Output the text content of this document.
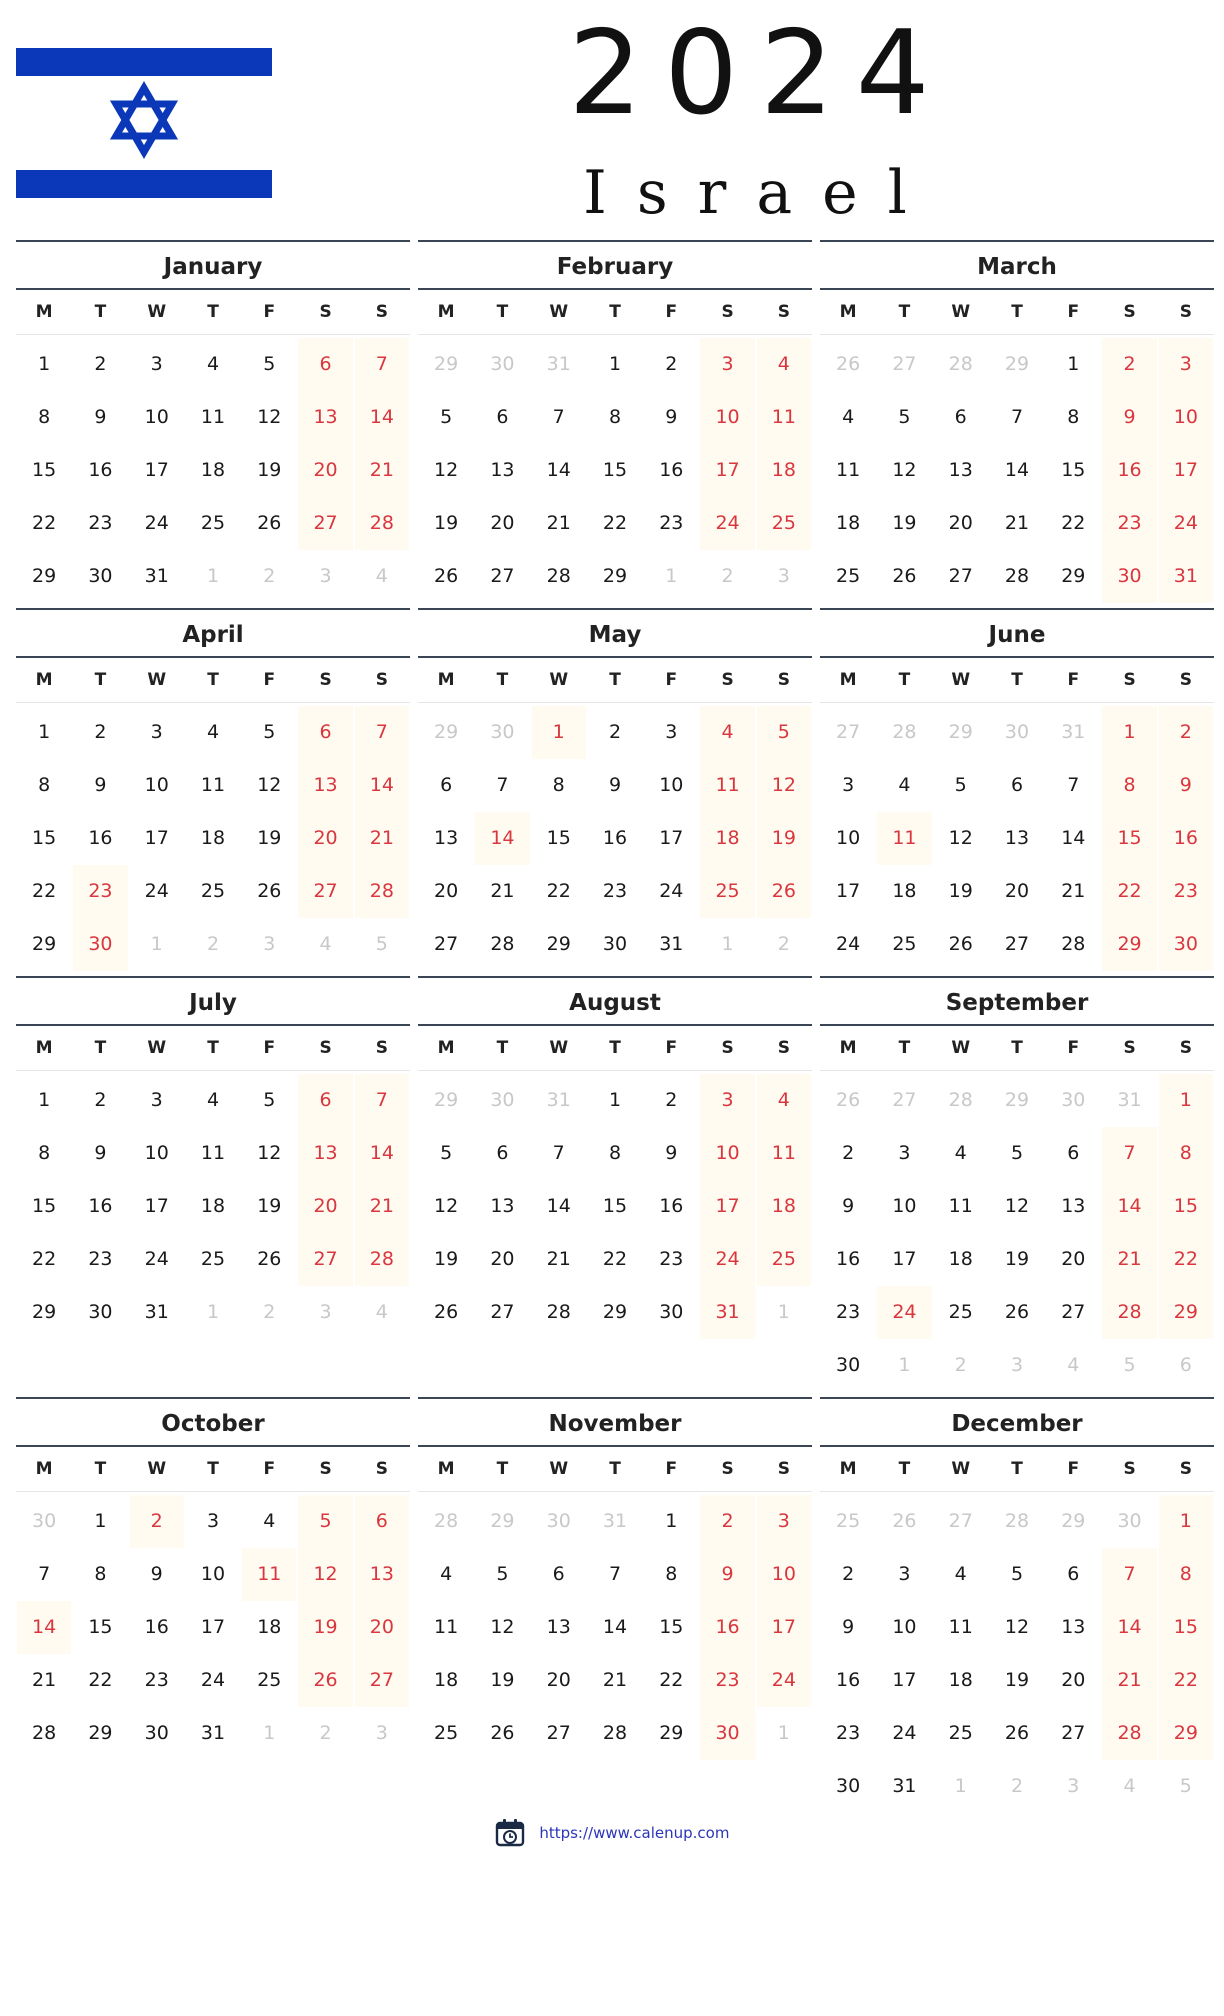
2024
Israel
January
M	T	W	T	F	S	S
1	2	3	4	5	6	7
8	9	10	11	12	13	14
15	16	17	18	19	20	21
22	23	24	25	26	27	28
29	30	31	1	2	3	4
February
M	T	W	T	F	S	S
29	30	31	1	2	3	4
5	6	7	8	9	10	11
12	13	14	15	16	17	18
19	20	21	22	23	24	25
26	27	28	29	1	2	3
March
M	T	W	T	F	S	S
26	27	28	29	1	2	3
4	5	6	7	8	9	10
11	12	13	14	15	16	17
18	19	20	21	22	23	24
25	26	27	28	29	30	31
April
M	T	W	T	F	S	S
1	2	3	4	5	6	7
8	9	10	11	12	13	14
15	16	17	18	19	20	21
22	23	24	25	26	27	28
29	30	1	2	3	4	5
May
M	T	W	T	F	S	S
29	30	1	2	3	4	5
6	7	8	9	10	11	12
13	14	15	16	17	18	19
20	21	22	23	24	25	26
27	28	29	30	31	1	2
June
M	T	W	T	F	S	S
27	28	29	30	31	1	2
3	4	5	6	7	8	9
10	11	12	13	14	15	16
17	18	19	20	21	22	23
24	25	26	27	28	29	30
July
M	T	W	T	F	S	S
1	2	3	4	5	6	7
8	9	10	11	12	13	14
15	16	17	18	19	20	21
22	23	24	25	26	27	28
29	30	31	1	2	3	4
August
M	T	W	T	F	S	S
29	30	31	1	2	3	4
5	6	7	8	9	10	11
12	13	14	15	16	17	18
19	20	21	22	23	24	25
26	27	28	29	30	31	1
September
M	T	W	T	F	S	S
26	27	28	29	30	31	1
2	3	4	5	6	7	8
9	10	11	12	13	14	15
16	17	18	19	20	21	22
23	24	25	26	27	28	29
30	1	2	3	4	5	6
October
M	T	W	T	F	S	S
30	1	2	3	4	5	6
7	8	9	10	11	12	13
14	15	16	17	18	19	20
21	22	23	24	25	26	27
28	29	30	31	1	2	3
November
M	T	W	T	F	S	S
28	29	30	31	1	2	3
4	5	6	7	8	9	10
11	12	13	14	15	16	17
18	19	20	21	22	23	24
25	26	27	28	29	30	1
December
M	T	W	T	F	S	S
25	26	27	28	29	30	1
2	3	4	5	6	7	8
9	10	11	12	13	14	15
16	17	18	19	20	21	22
23	24	25	26	27	28	29
30	31	1	2	3	4	5
https://www.calenup.com
